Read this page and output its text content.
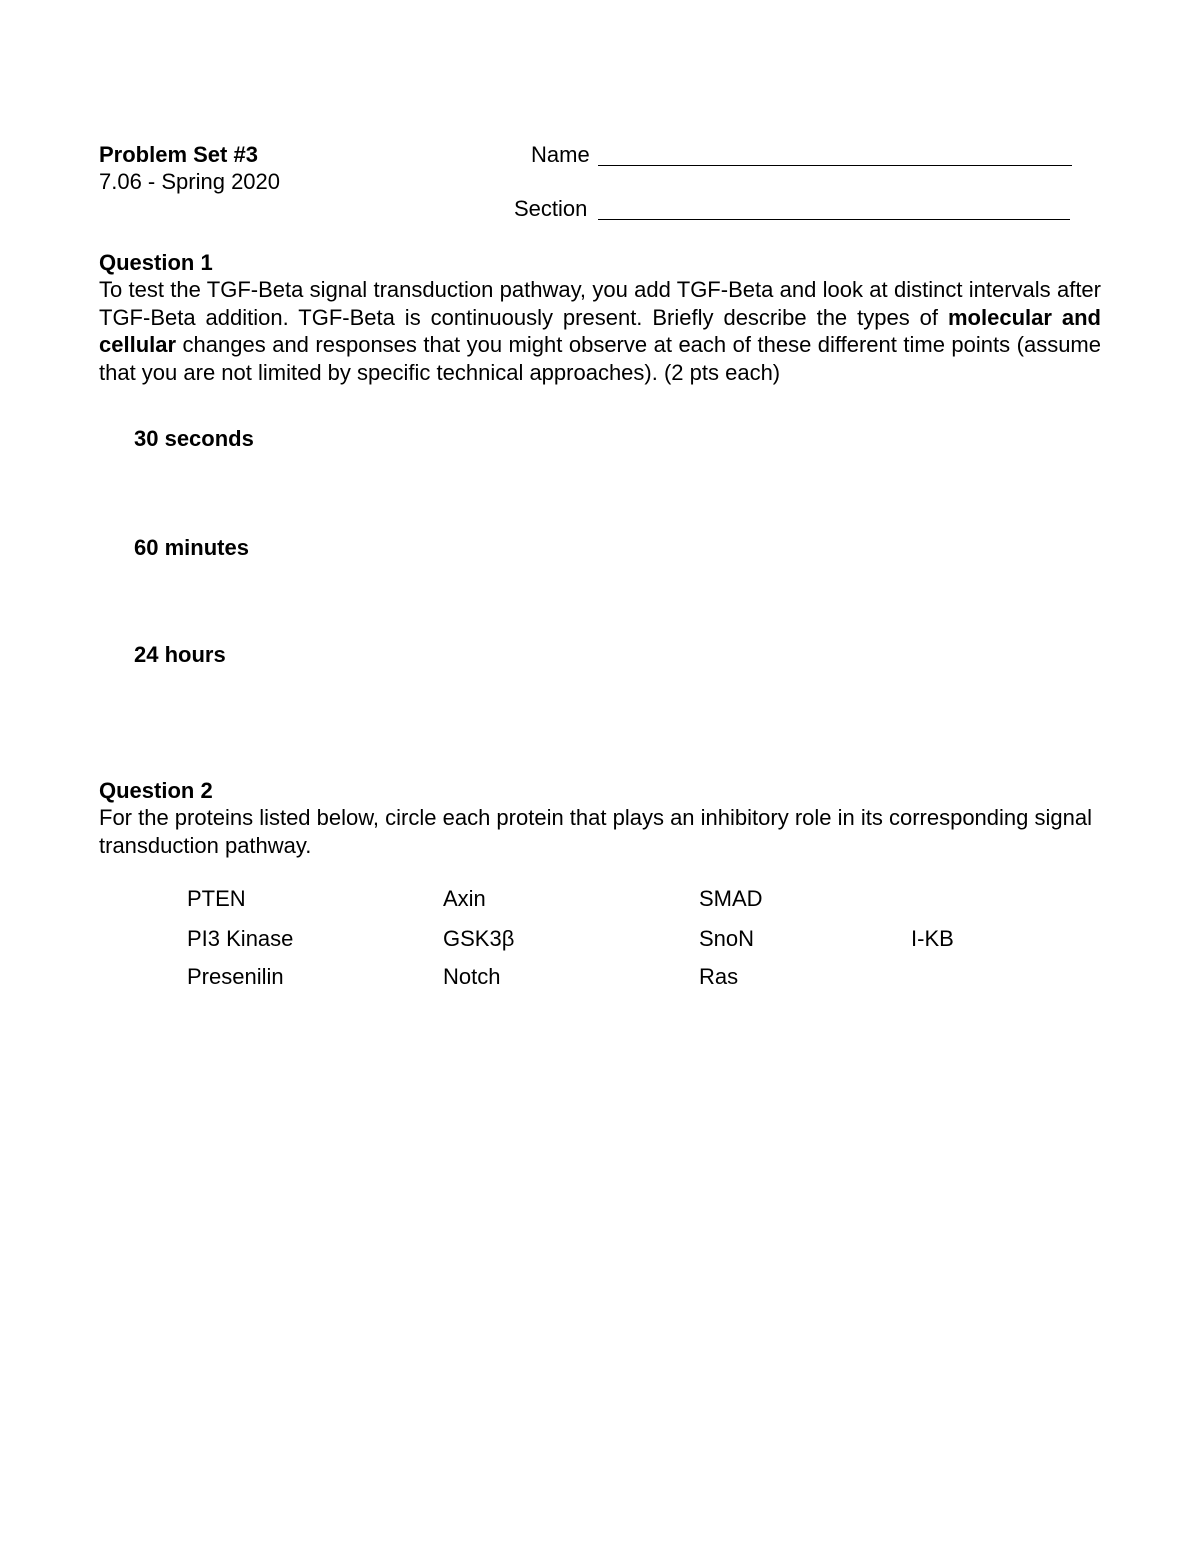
Problem Set #3
7.06 - Spring 2020
Name
Section
Question 1
To test the TGF-Beta signal transduction pathway, you add TGF-Beta and look at distinct intervals after TGF-Beta addition. TGF-Beta is continuously present. Briefly describe the types of molecular and cellular changes and responses that you might observe at each of these different time points (assume that you are not limited by specific technical approaches). (2 pts each)
30 seconds
60 minutes
24 hours
Question 2
For the proteins listed below, circle each protein that plays an inhibitory role in its corresponding signal transduction pathway.
PTEN	Axin	SMAD
PI3 Kinase	GSK3β	SnoN	I-KB
Presenilin	Notch	Ras
